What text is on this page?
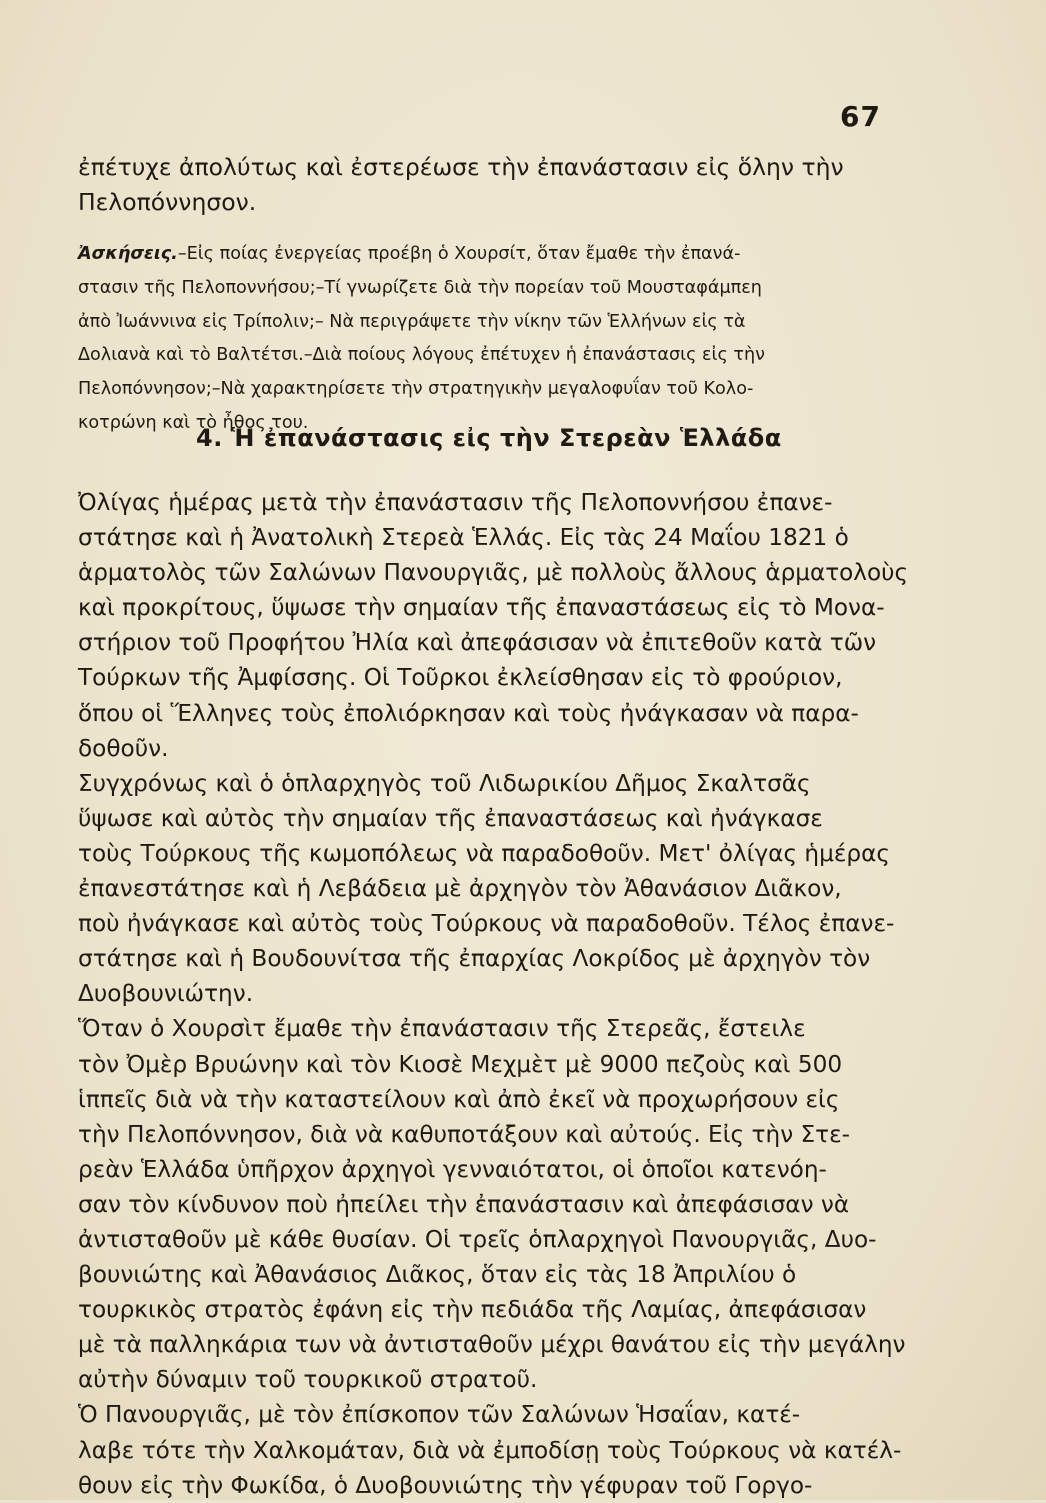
67
ἐπέτυχε ἀπολύτως καὶ ἐστερέωσε τὴν ἐπανάστασιν εἰς ὅλην τὴν
Πελοπόννησον.
Ἀσκήσεις.–Εἰς ποίας ἐνεργείας προέβη ὁ Χουρσίτ, ὅταν ἔμαθε τὴν ἐπανά-
στασιν τῆς Πελοποννήσου;–Τί γνωρίζετε διὰ τὴν πορείαν τοῦ Μουσταφάμπεη
ἀπὸ Ἰωάννινα εἰς Τρίπολιν;– Νὰ περιγράψετε τὴν νίκην τῶν Ἑλλήνων εἰς τὰ
Δολιανὰ καὶ τὸ Βαλτέτσι.–Διὰ ποίους λόγους ἐπέτυχεν ἡ ἐπανάστασις εἰς τὴν
Πελοπόννησον;–Νὰ χαρακτηρίσετε τὴν στρατηγικὴν μεγαλοφυΐαν τοῦ Κολο-
κοτρώνη καὶ τὸ ἦθος του.
4. Ἡ ἐπανάστασις εἰς τὴν Στερεὰν Ἑλλάδα
Ὀλίγας ἡμέρας μετὰ τὴν ἐπανάστασιν τῆς Πελοποννήσου ἐπανε-
στάτησε καὶ ἡ Ἀνατολικὴ Στερεὰ Ἑλλάς. Εἰς τὰς 24 Μαΐου 1821 ὁ
ἁρματολὸς τῶν Σαλώνων Πανουργιᾶς, μὲ πολλοὺς ἄλλους ἁρματολοὺς
καὶ προκρίτους, ὕψωσε τὴν σημαίαν τῆς ἐπαναστάσεως εἰς τὸ Μονα-
στήριον τοῦ Προφήτου Ἠλία καὶ ἀπεφάσισαν νὰ ἐπιτεθοῦν κατὰ τῶν
Τούρκων τῆς Ἀμφίσσης. Οἱ Τοῦρκοι ἐκλείσθησαν εἰς τὸ φρούριον,
ὅπου οἱ Ἕλληνες τοὺς ἐπολιόρκησαν καὶ τοὺς ἠνάγκασαν νὰ παρα-
δοθοῦν.
Συγχρόνως καὶ ὁ ὁπλαρχηγὸς τοῦ Λιδωρικίου Δῆμος Σκαλτσᾶς
ὕψωσε καὶ αὐτὸς τὴν σημαίαν τῆς ἐπαναστάσεως καὶ ἠνάγκασε
τοὺς Τούρκους τῆς κωμοπόλεως νὰ παραδοθοῦν. Μετ' ὀλίγας ἡμέρας
ἐπανεστάτησε καὶ ἡ Λεβάδεια μὲ ἀρχηγὸν τὸν Ἀθανάσιον Διᾶκον,
ποὺ ἠνάγκασε καὶ αὐτὸς τοὺς Τούρκους νὰ παραδοθοῦν. Τέλος ἐπανε-
στάτησε καὶ ἡ Βουδουνίτσα τῆς ἐπαρχίας Λοκρίδος μὲ ἀρχηγὸν τὸν
Δυοβουνιώτην.
Ὅταν ὁ Χουρσὶτ ἔμαθε τὴν ἐπανάστασιν τῆς Στερεᾶς, ἔστειλε
τὸν Ὀμὲρ Βρυώνην καὶ τὸν Κιοσὲ Μεχμὲτ μὲ 9000 πεζοὺς καὶ 500
ἱππεῖς διὰ νὰ τὴν καταστείλουν καὶ ἀπὸ ἐκεῖ νὰ προχωρήσουν εἰς
τὴν Πελοπόννησον, διὰ νὰ καθυποτάξουν καὶ αὐτούς. Εἰς τὴν Στε-
ρεὰν Ἑλλάδα ὑπῆρχον ἀρχηγοὶ γενναιότατοι, οἱ ὁποῖοι κατενόη-
σαν τὸν κίνδυνον ποὺ ἠπείλει τὴν ἐπανάστασιν καὶ ἀπεφάσισαν νὰ
ἀντισταθοῦν μὲ κάθε θυσίαν. Οἱ τρεῖς ὁπλαρχηγοὶ Πανουργιᾶς, Δυο-
βουνιώτης καὶ Ἀθανάσιος Διᾶκος, ὅταν εἰς τὰς 18 Ἀπριλίου ὁ
τουρκικὸς στρατὸς ἐφάνη εἰς τὴν πεδιάδα τῆς Λαμίας, ἀπεφάσισαν
μὲ τὰ παλληκάρια των νὰ ἀντισταθοῦν μέχρι θανάτου εἰς τὴν μεγάλην
αὐτὴν δύναμιν τοῦ τουρκικοῦ στρατοῦ.
Ὁ Πανουργιᾶς, μὲ τὸν ἐπίσκοπον τῶν Σαλώνων Ἡσαΐαν, κατέ-
λαβε τότε τὴν Χαλκομάταν, διὰ νὰ ἐμποδίσῃ τοὺς Τούρκους νὰ κατέλ-
θουν εἰς τὴν Φωκίδα, ὁ Δυοβουνιώτης τὴν γέφυραν τοῦ Γοργο-
